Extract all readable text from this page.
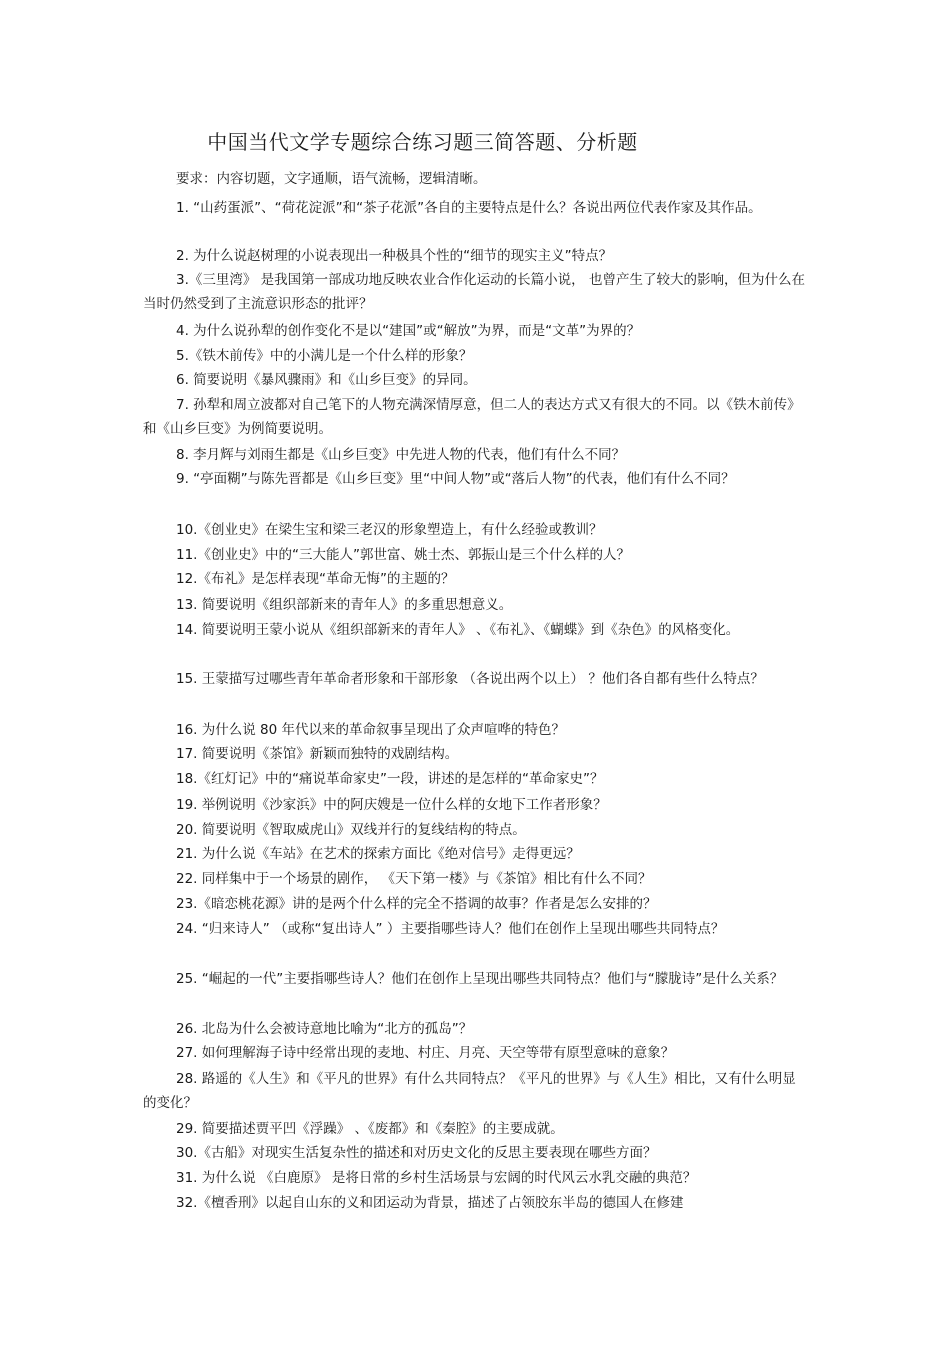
中国当代文学专题综合练习题三简答题、分析题
要求：内容切题，文字通顺，语气流畅，逻辑清晰。
1. “山药蛋派”、“荷花淀派”和“茶子花派”各自的主要特点是什么？各说出两位代表作家及其作品。
2. 为什么说赵树理的小说表现出一种极具个性的“细节的现实主义”特点？
3.《三里湾》 是我国第一部成功地反映农业合作化运动的长篇小说， 也曾产生了较大的影响，但为什么在当时仍然受到了主流意识形态的批评？
4. 为什么说孙犁的创作变化不是以“建国”或“解放”为界，而是“文革”为界的？
5.《铁木前传》中的小满儿是一个什么样的形象？
6. 简要说明《暴风骤雨》和《山乡巨变》的异同。
7. 孙犁和周立波都对自己笔下的人物充满深情厚意，但二人的表达方式又有很大的不同。以《铁木前传》和《山乡巨变》为例简要说明。
8. 李月辉与刘雨生都是《山乡巨变》中先进人物的代表，他们有什么不同？
9. “亭面糊”与陈先晋都是《山乡巨变》里“中间人物”或“落后人物”的代表，他们有什么不同？
10.《创业史》在梁生宝和梁三老汉的形象塑造上，有什么经验或教训？
11.《创业史》中的“三大能人”郭世富、姚士杰、郭振山是三个什么样的人？
12.《布礼》是怎样表现“革命无悔”的主题的？
13. 简要说明《组织部新来的青年人》的多重思想意义。
14. 简要说明王蒙小说从《组织部新来的青年人》 、《布礼》、《蝴蝶》到《杂色》的风格变化。
15. 王蒙描写过哪些青年革命者形象和干部形象 （各说出两个以上） ？他们各自都有些什么特点？
16. 为什么说 80 年代以来的革命叙事呈现出了众声喧哗的特色？
17. 简要说明《茶馆》新颖而独特的戏剧结构。
18.《红灯记》中的“痛说革命家史”一段，讲述的是怎样的“革命家史”？
19. 举例说明《沙家浜》中的阿庆嫂是一位什么样的女地下工作者形象？
20. 简要说明《智取威虎山》双线并行的复线结构的特点。
21. 为什么说《车站》在艺术的探索方面比《绝对信号》走得更远？
22. 同样集中于一个场景的剧作， 《天下第一楼》与《茶馆》相比有什么不同？
23.《暗恋桃花源》讲的是两个什么样的完全不搭调的故事？作者是怎么安排的？
24. “归来诗人” （或称“复出诗人” ）主要指哪些诗人？他们在创作上呈现出哪些共同特点？
25. “崛起的一代”主要指哪些诗人？他们在创作上呈现出哪些共同特点？他们与“朦胧诗”是什么关系？
26. 北岛为什么会被诗意地比喻为“北方的孤岛”？
27. 如何理解海子诗中经常出现的麦地、村庄、月亮、天空等带有原型意味的意象？
28. 路遥的《人生》和《平凡的世界》有什么共同特点？《平凡的世界》与《人生》相比，又有什么明显的变化？
29. 简要描述贾平凹《浮躁》 、《废都》和《秦腔》的主要成就。
30.《古船》对现实生活复杂性的描述和对历史文化的反思主要表现在哪些方面？
31. 为什么说 《白鹿原》 是将日常的乡村生活场景与宏阔的时代风云水乳交融的典范？
32.《檀香刑》以起自山东的义和团运动为背景，描述了占领胶东半岛的德国人在修建
